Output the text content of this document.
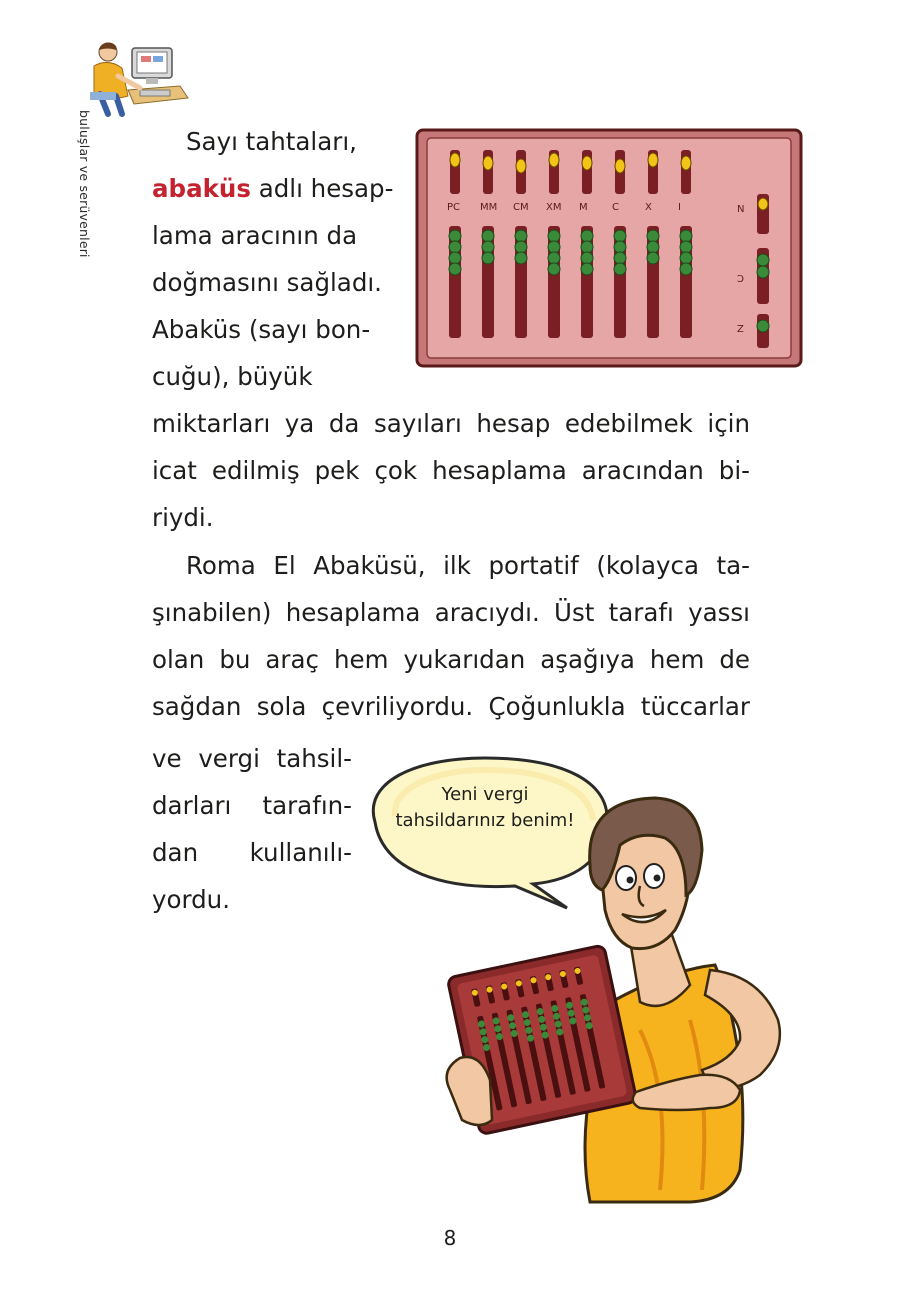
buluşlar ve serüvenleri	Sayı tahtaları,
abaküs adlı hesap-
lama aracının da
doğmasını sağladı.
Abaküs (sayı bon-
cuğu), büyük
PC MM CM XM M C	X	I	N
Ɔ
Z
miktarları ya da sayıları hesap edebilmek için
icat edilmiş pek çok hesaplama aracından bi-
riydi.
Roma El Abaküsü, ilk portatif (kolayca ta-
şınabilen) hesaplama aracıydı. Üst tarafı yassı
olan bu araç hem yukarıdan aşağıya hem de
sağdan sola çevriliyordu. Çoğunlukla tüccarlar
ve vergi tahsil-
darları tarafın-
dan kullanılı-
yordu.
Yeni vergi
tahsildarınız benim!
8
